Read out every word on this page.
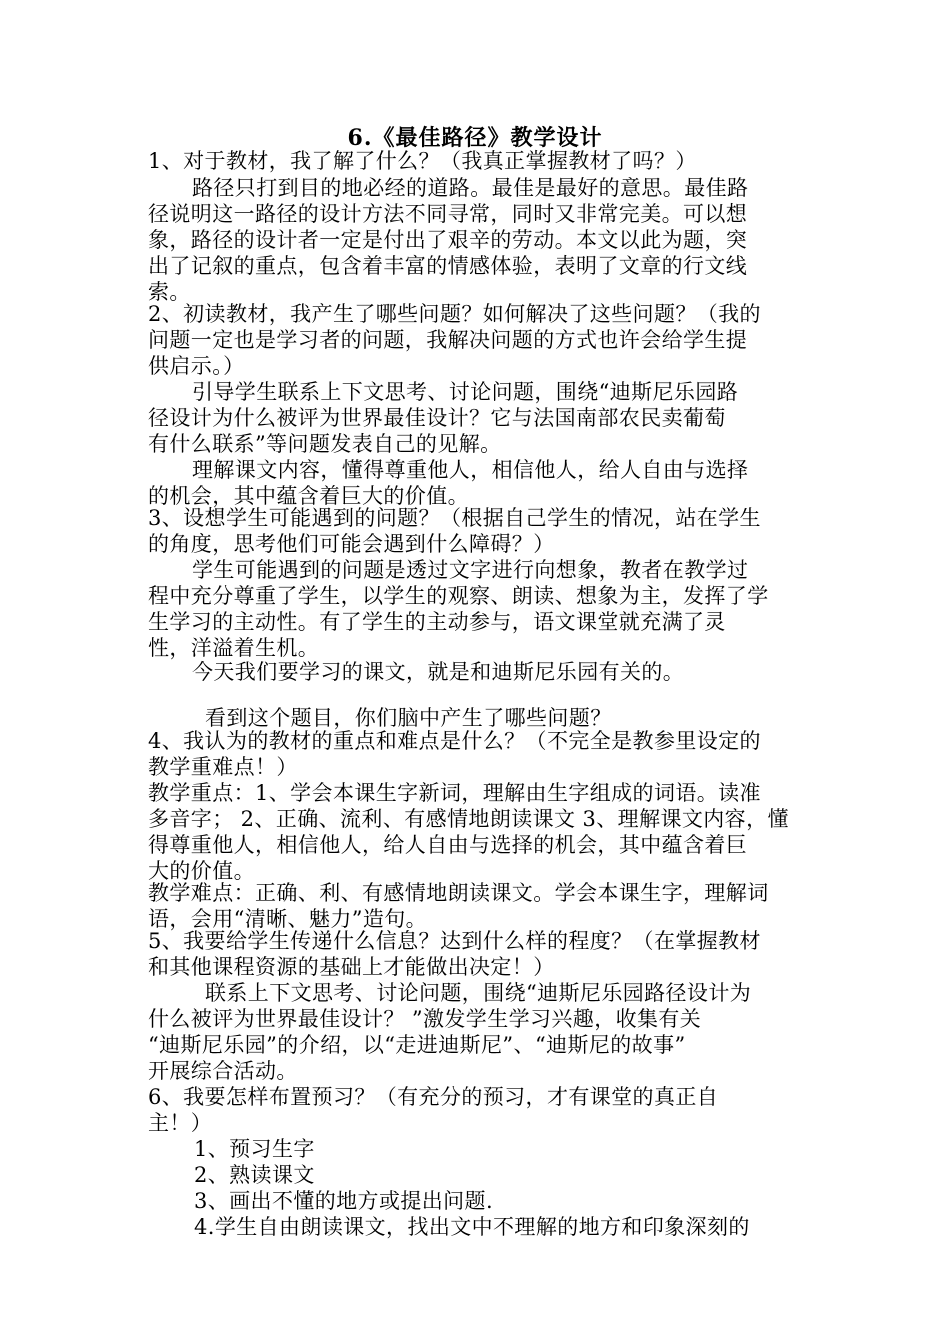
6.《最佳路径》教学设计
1、对于教材，我了解了什么？（我真正掌握教材了吗？）
路径只打到目的地必经的道路。最佳是最好的意思。最佳路
径说明这一路径的设计方法不同寻常，同时又非常完美。可以想
象，路径的设计者一定是付出了艰辛的劳动。本文以此为题，突
出了记叙的重点，包含着丰富的情感体验，表明了文章的行文线
索。
2、初读教材，我产生了哪些问题？如何解决了这些问题？（我的
问题一定也是学习者的问题，我解决问题的方式也许会给学生提
供启示。）
引导学生联系上下文思考、讨论问题，围绕“迪斯尼乐园路
径设计为什么被评为世界最佳设计？它与法国南部农民卖葡萄
有什么联系”等问题发表自己的见解。
理解课文内容，懂得尊重他人，相信他人，给人自由与选择
的机会，其中蕴含着巨大的价值。
3、设想学生可能遇到的问题？（根据自己学生的情况，站在学生
的角度，思考他们可能会遇到什么障碍？）
学生可能遇到的问题是透过文字进行向想象，教者在教学过
程中充分尊重了学生，以学生的观察、朗读、想象为主，发挥了学
生学习的主动性。有了学生的主动参与，语文课堂就充满了灵
性，洋溢着生机。
今天我们要学习的课文，就是和迪斯尼乐园有关的。
看到这个题目，你们脑中产生了哪些问题？
4、我认为的教材的重点和难点是什么？（不完全是教参里设定的
教学重难点！）
教学重点：1、学会本课生字新词，理解由生字组成的词语。读准
多音字； 2、正确、流利、有感情地朗读课文 3、理解课文内容，懂
得尊重他人，相信他人，给人自由与选择的机会，其中蕴含着巨
大的价值。
教学难点：正确、利、有感情地朗读课文。学会本课生字，理解词
语，会用“清晰、魅力”造句。
5、我要给学生传递什么信息？达到什么样的程度？（在掌握教材
和其他课程资源的基础上才能做出决定！）
联系上下文思考、讨论问题，围绕“迪斯尼乐园路径设计为
什么被评为世界最佳设计？ ”激发学生学习兴趣，收集有关
“迪斯尼乐园”的介绍，以“走进迪斯尼”、“迪斯尼的故事”
开展综合活动。
6、我要怎样布置预习？（有充分的预习，才有课堂的真正自
主！）
1、预习生字
2、熟读课文
3、画出不懂的地方或提出问题.
4.学生自由朗读课文，找出文中不理解的地方和印象深刻的
